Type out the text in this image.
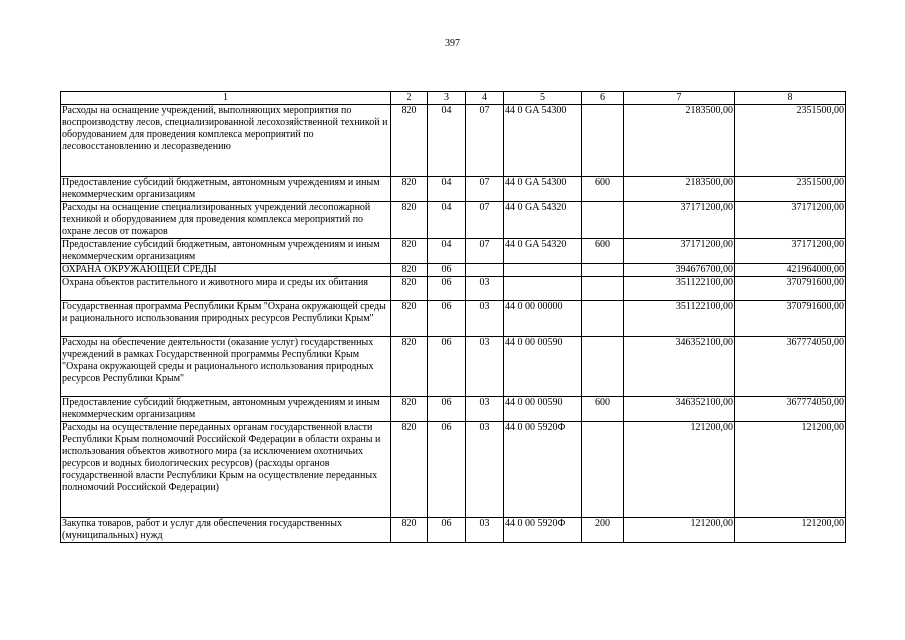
397
1	2	3	4	5	6	7	8
Расходы на оснащение учреждений, выполняющих мероприятия по воспроизводству лесов, специализированной лесохозяйственной техникой и оборудованием для проведения комплекса мероприятий по лесовосстановлению и лесоразведению	820	04	07	44 0 GA 54300		2183500,00	2351500,00
Предоставление субсидий бюджетным, автономным учреждениям и иным некоммерческим организациям	820	04	07	44 0 GA 54300	600	2183500,00	2351500,00
Расходы на оснащение специализированных учреждений лесопожарной техникой и оборудованием для проведения комплекса мероприятий по охране лесов от пожаров	820	04	07	44 0 GA 54320		37171200,00	37171200,00
Предоставление субсидий бюджетным, автономным учреждениям и иным некоммерческим организациям	820	04	07	44 0 GA 54320	600	37171200,00	37171200,00
ОХРАНА ОКРУЖАЮЩЕЙ СРЕДЫ	820	06				394676700,00	421964000,00
Охрана объектов растительного и животного мира и среды их обитания	820	06	03			351122100,00	370791600,00
Государственная программа Республики Крым "Охрана окружающей среды и рационального использования природных ресурсов Республики Крым"	820	06	03	44 0 00 00000		351122100,00	370791600,00
Расходы на обеспечение деятельности (оказание услуг) государственных учреждений в рамках Государственной программы Республики Крым "Охрана окружающей среды и рационального использования природных ресурсов Республики Крым"	820	06	03	44 0 00 00590		346352100,00	367774050,00
Предоставление субсидий бюджетным, автономным учреждениям и иным некоммерческим организациям	820	06	03	44 0 00 00590	600	346352100,00	367774050,00
Расходы на осуществление переданных органам государственной власти Республики Крым полномочий Российской Федерации в области охраны и использования объектов животного мира (за исключением охотничьих ресурсов и водных биологических ресурсов) (расходы органов государственной власти Республики Крым на осуществление переданных полномочий Российской Федерации)	820	06	03	44 0 00 5920Ф		121200,00	121200,00
Закупка товаров, работ и услуг для обеспечения государственных (муниципальных) нужд	820	06	03	44 0 00 5920Ф	200	121200,00	121200,00
